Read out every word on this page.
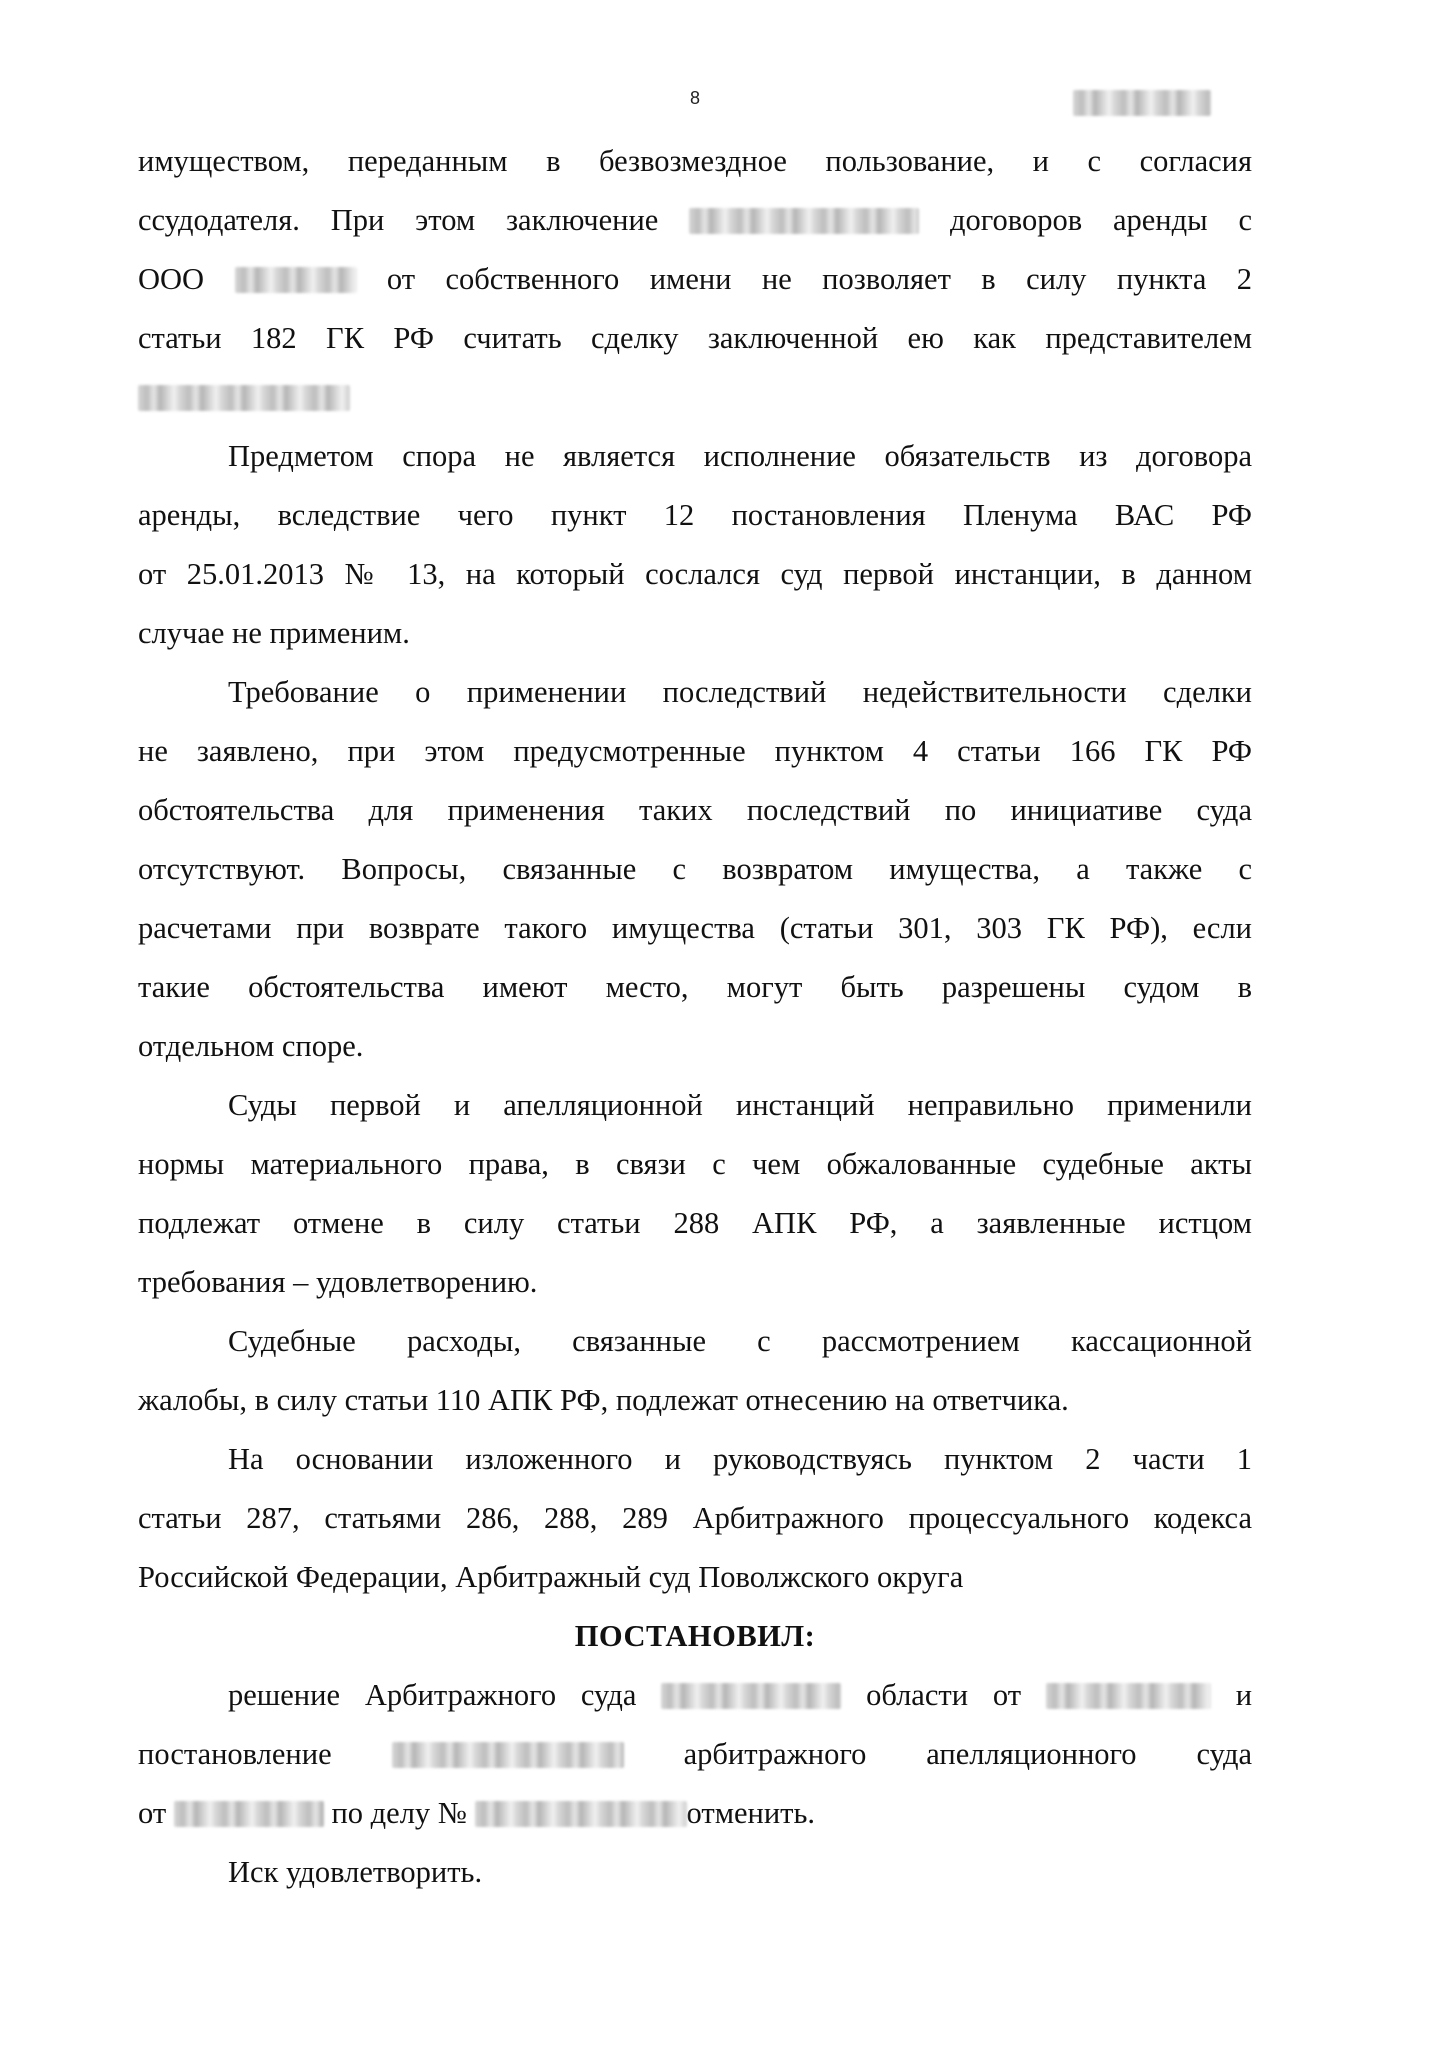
8

имуществом, переданным в безвозмездное пользование, и с согласия
ссудодателя. При этом заключение	договоров аренды с
ООО	от собственного имени не позволяет в силу пункта 2
статьи 182 ГК РФ считать сделку заключенной ею как представителем

Предметом спора не является исполнение обязательств из договора
аренды, вследствие чего пункт 12 постановления Пленума ВАС РФ
от 25.01.2013 № 13, на который сослался суд первой инстанции, в данном
случае не применим.

Требование о применении последствий недействительности сделки
не заявлено, при этом предусмотренные пунктом 4 статьи 166 ГК РФ
обстоятельства для применения таких последствий по инициативе суда
отсутствуют. Вопросы, связанные с возвратом имущества, а также с
расчетами при возврате такого имущества (статьи 301, 303 ГК РФ), если
такие обстоятельства имеют место, могут быть разрешены судом в
отдельном споре.

Суды первой и апелляционной инстанций неправильно применили
нормы материального права, в связи с чем обжалованные судебные акты
подлежат отмене в силу статьи 288 АПК РФ, а заявленные истцом
требования – удовлетворению.

Судебные расходы, связанные с рассмотрением кассационной
жалобы, в силу статьи 110 АПК РФ, подлежат отнесению на ответчика.

На основании изложенного и руководствуясь пунктом 2 части 1
статьи 287, статьями 286, 288, 289 Арбитражного процессуального кодекса
Российской Федерации, Арбитражный суд Поволжского округа

ПОСТАНОВИЛ:

решение Арбитражного суда	области от	и
постановление	арбитражного апелляционного суда
от	по делу №	отменить.

Иск удовлетворить.
